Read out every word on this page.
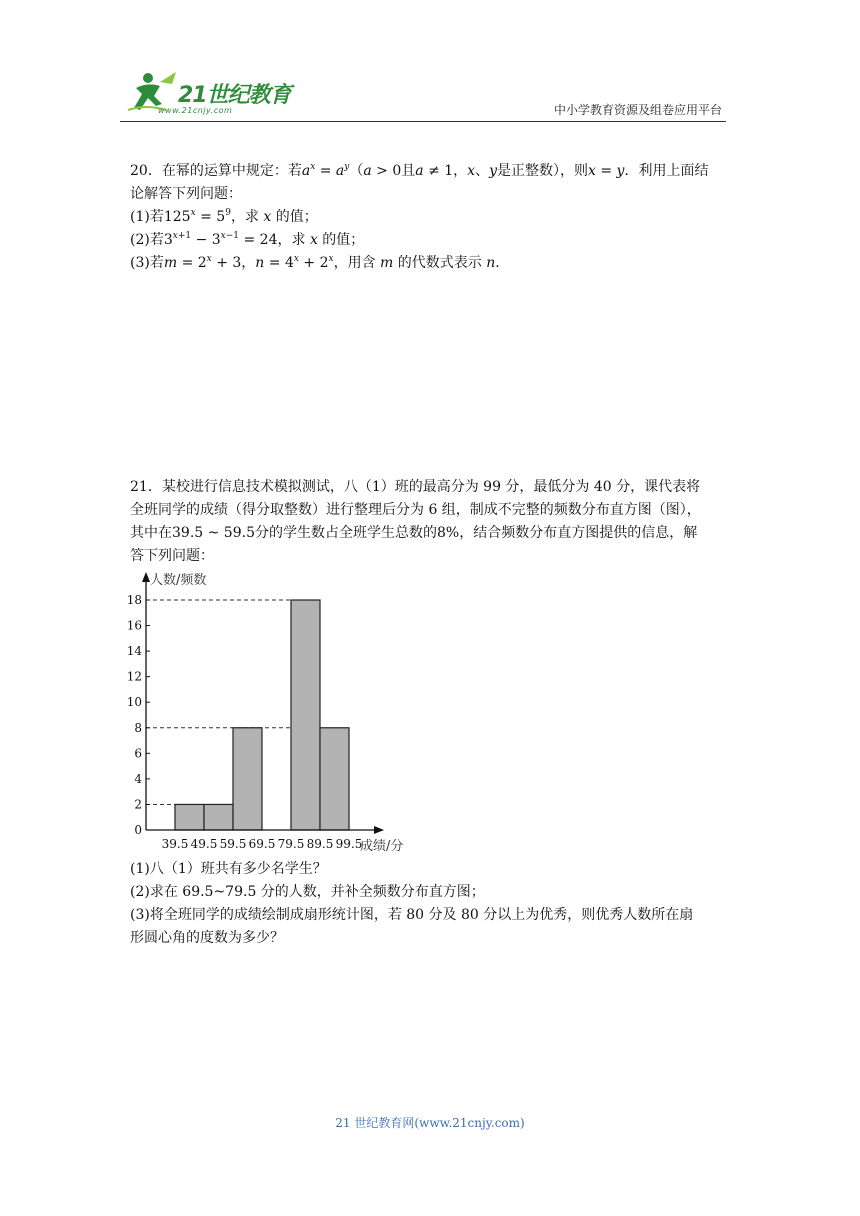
21世纪教育
www.21cnjy.com	中小学教育资源及组卷应用平台

20．在幂的运算中规定：若$a^x = a^y(a > 0$且a ≠ 1，x、y是正整数），则x = y．利用上面结

论解答下列问题：

(1)若$125^x = 5^9$，求 x 的值；

(2)若$3^{x+1} - 3^{x-1} = 24$，求 x 的值；

(3)若$m = 2^x + 3$，$n = 4^x + 2^x$，用含 m 的代数式表示 n．

21．某校进行信息技术模拟测试，八（1）班的最高分为 99 分，最低分为 40 分，课代表将

全班同学的成绩（得分取整数）进行整理后分为 6 组，制成不完整的频数分布直方图（图），

其中在39.5 ~ 59.5分的学生数占全班学生总数的8%，结合频数分布直方图提供的信息，解

答下列问题：

0
2
4
6
8
10
12
14
16
18
39.5 49.5 59.5 69.5 79.5 89.5 99.5
人数/频数
成绩/分

(1)八（1）班共有多少名学生？

(2)求在 69.5~79.5 分的人数，并补全频数分布直方图；

(3)将全班同学的成绩绘制成扇形统计图，若 80 分及 80 分以上为优秀，则优秀人数所在扇

形圆心角的度数为多少？

21 世纪教育网(www.21cnjy.com)
